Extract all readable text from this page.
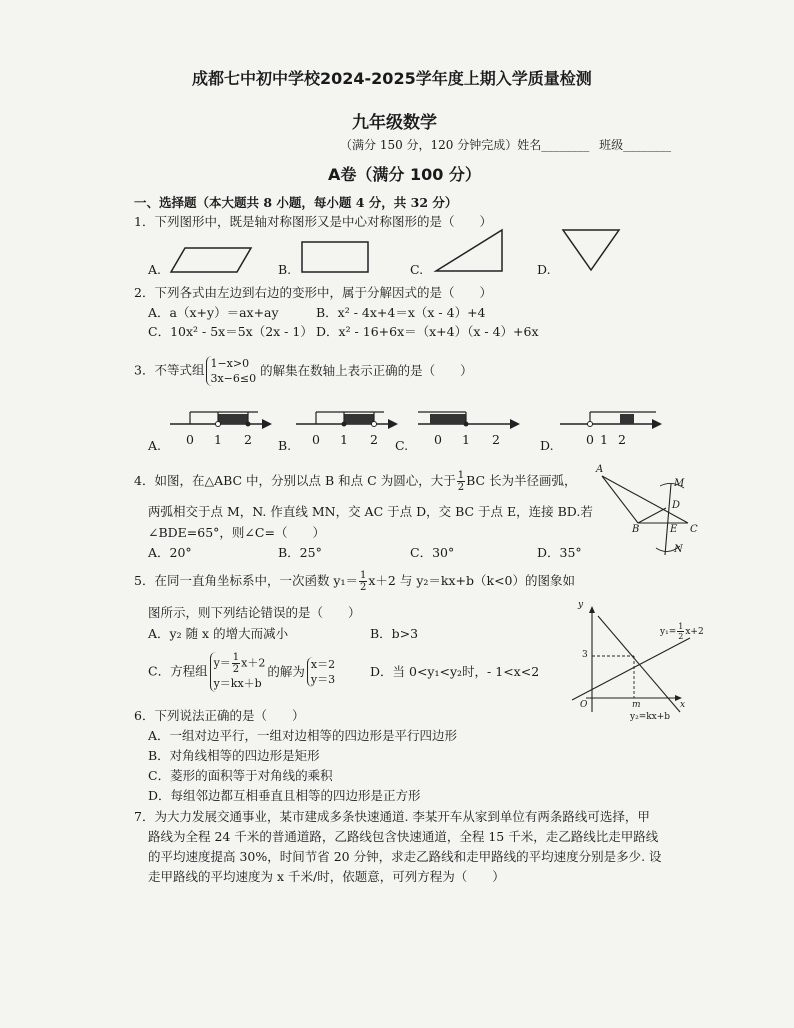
成都七中初中学校2024-2025学年度上期入学质量检测
九年级数学
（满分 150 分，120 分钟完成）姓名________ 班级________
A卷（满分 100 分）
一、选择题（本大题共 8 小题，每小题 4 分，共 32 分）
1．下列图形中，既是轴对称图形又是中心对称图形的是（　　）
A.	B.	C.	D.
2．下列各式由左边到右边的变形中，属于分解因式的是（　　）
A．a（x+y）＝ax+ay	B．x² - 4x+4＝x（x - 4）+4
C．10x² - 5x＝5x（2x - 1） D．x² - 16+6x＝（x+4）（x - 4）+6x
3．不等式组 1−x>0
3x−6≤0
的解集在数轴上表示正确的是（　　）
A. 0 1 2 B. 0 1 2 C. 0 1 2	D.	0 1 2
4．如图，在△ABC 中，分别以点 B 和点 C 为圆心，大于 $\frac{1}{2}$ BC 长为半径画弧，
两弧相交于点 M，N. 作直线 MN，交 AC 于点 D，交 BC 于点 E，连接 BD.若
∠BDE=65°，则∠C=（　　）
A．20°	B．25°	C．30°	D．35°
A
B	C
D
E
M
N
5．在同一直角坐标系中，一次函数 $y_1= \frac{1}{2} x+2$ 与 y₂＝kx+b（k<0）的图象如
图所示，则下列结论错误的是（　　）
A．y₂ 随 x 的增大而减小	B．b>3
C．方程组
$y= \frac{1}{2} x+2$
y＝kx＋b
的解为 x＝2
y＝3
D．当 0<y₁<y₂时，- 1<x<2
y
x
O	m
3
$y_1= \frac{1}{2} x+2$
y₂=kx+b
6．下列说法正确的是（　　）
A．一组对边平行，一组对边相等的四边形是平行四边形
B．对角线相等的四边形是矩形
C．菱形的面积等于对角线的乘积
D．每组邻边都互相垂直且相等的四边形是正方形
7．为大力发展交通事业，某市建成多条快速通道. 李某开车从家到单位有两条路线可选择，甲
路线为全程 24 千米的普通道路，乙路线包含快速通道，全程 15 千米，走乙路线比走甲路线
的平均速度提高 30%，时间节省 20 分钟，求走乙路线和走甲路线的平均速度分别是多少. 设
走甲路线的平均速度为 x 千米/时，依题意，可列方程为（　　）
